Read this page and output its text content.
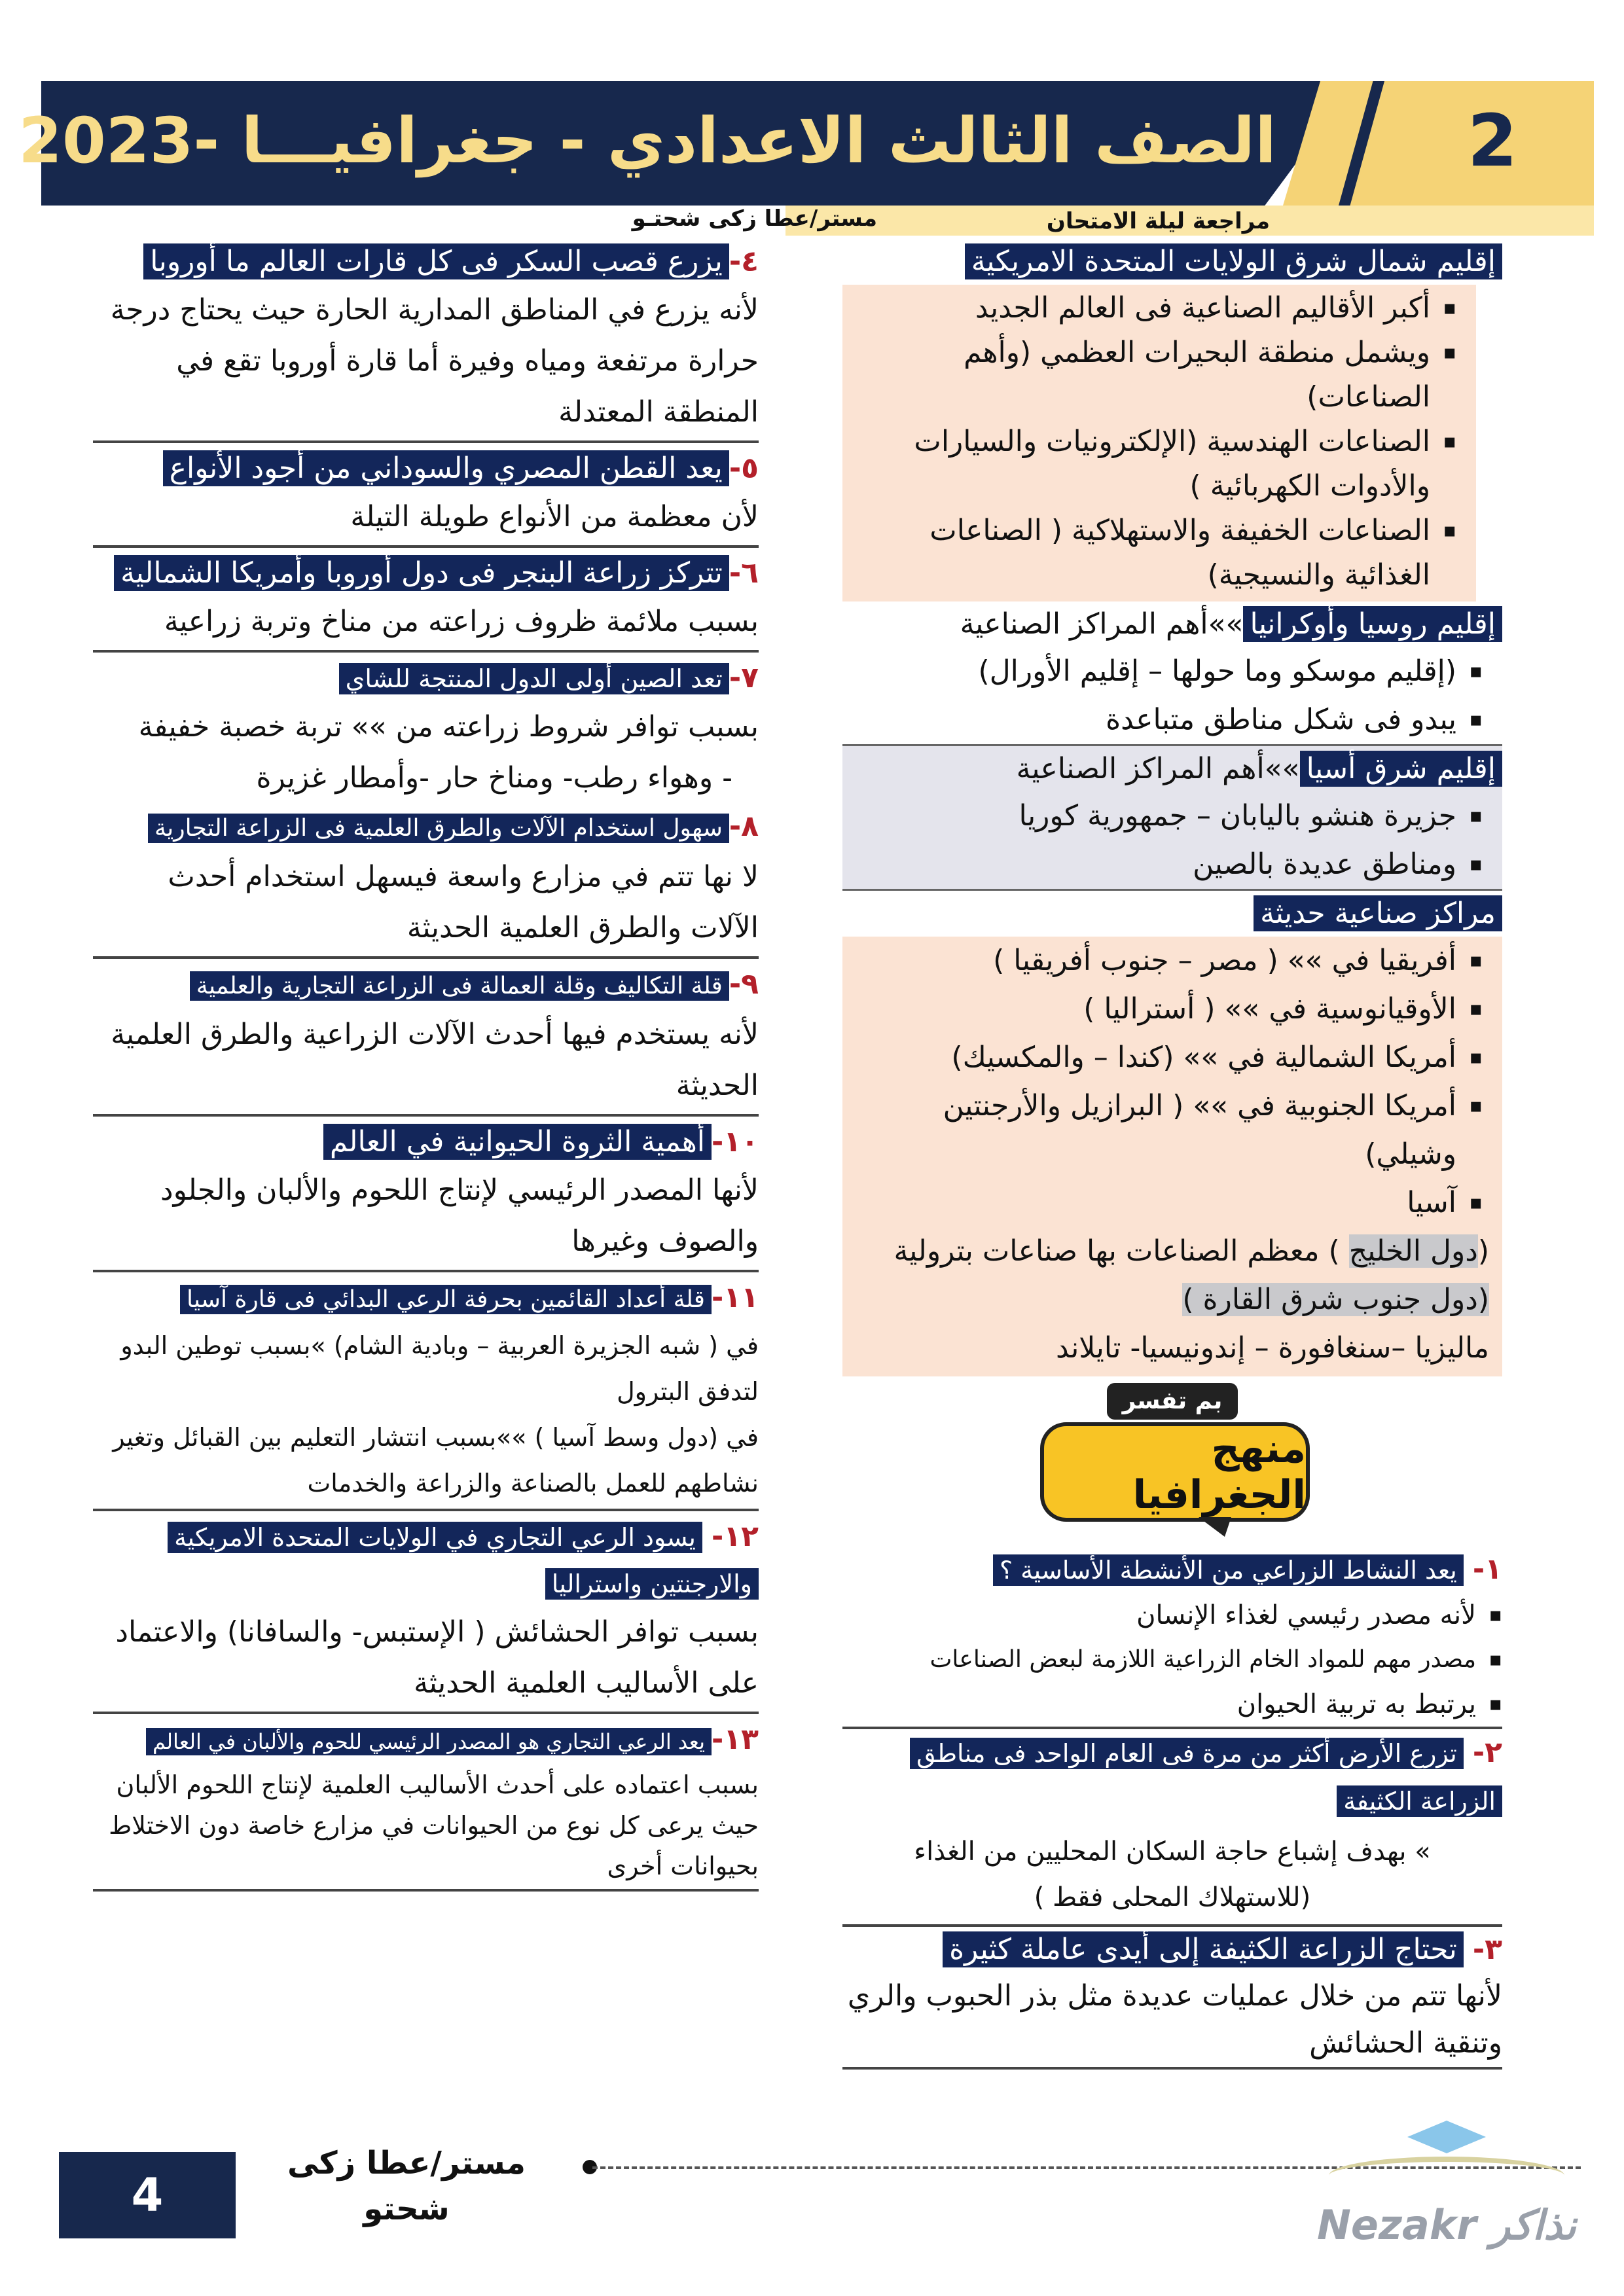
الصف الثالث الاعدادي - جغرافيـــا -2023	2
مراجعة ليلة الامتحان
مستر/عطا زكى شحتـو
إقليم شمال شرق الولايات المتحدة الامريكية
▪ أكبر الأقاليم الصناعية فى العالم الجديد
▪ ويشمل منطقة البحيرات العظمي (وأهم الصناعات)
▪ الصناعات الهندسية (الإلكترونيات والسيارات والأدوات الكهربائية )
▪ الصناعات الخفيفة والاستهلاكية ( الصناعات الغذائية والنسيجية)
إقليم روسيا وأوكرانيا»»أهم المراكز الصناعية
▪ (إقليم موسكو وما حولها – إقليم الأورال)
▪ يبدو فى شكل مناطق متباعدة
إقليم شرق أسيا»»أهم المراكز الصناعية
▪ جزيرة هنشو باليابان – جمهورية كوريا
▪ ومناطق عديدة بالصين
مراكز صناعية حديثة
▪ أفريقيا في »» ( مصر – جنوب أفريقيا )
▪ الأوقيانوسية في »» ( أستراليا )
▪ أمريكا الشمالية في »» (كندا – والمكسيك)
▪ أمريكا الجنوبية في »» ( البرازيل والأرجنتين وشيلي)
▪ آسيا
(دول الخليج ) معظم الصناعات بها صناعات بترولية
(دول جنوب شرق القارة )
ماليزيا –سنغافورة – إندونيسيا- تايلاند
منهج الجغرافيا
بم تفسر
١- يعد النشاط الزراعي من الأنشطة الأساسية ؟
▪ لأنه مصدر رئيسي لغذاء الإنسان
▪ مصدر مهم للمواد الخام الزراعية اللازمة لبعض الصناعات
▪ يرتبط به تربية الحيوان
٢- تزرع الأرض أكثر من مرة فى العام الواحد فى مناطق الزراعة الكثيفة
» بهدف إشباع حاجة السكان المحليين من الغذاء (للاستهلاك المحلى فقط )
٣- تحتاج الزراعة الكثيفة إلى أيدى عاملة كثيرة
لأنها تتم من خلال عمليات عديدة مثل بذر الحبوب والري وتنقية الحشائش
٤-يزرع قصب السكر فى كل قارات العالم ما أوروبا
لأنه يزرع في المناطق المدارية الحارة حيث يحتاج درجة حرارة مرتفعة ومياه وفيرة أما قارة أوروبا تقع في المنطقة المعتدلة
٥-يعد القطن المصري والسوداني من أجود الأنواع
لأن معظمة من الأنواع طويلة التيلة
٦-تتركز زراعة البنجر فى دول أوروبا وأمريكا الشمالية
بسبب ملائمة ظروف زراعته من مناخ وتربة زراعية
٧-تعد الصين أولى الدول المنتجة للشاي
بسبب توافر شروط زراعته من »» تربة خصبة خفيفة
- وهواء رطب- ومناخ حار -وأمطار غزيرة
٨-سهول استخدام الآلات والطرق العلمية فى الزراعة التجارية
لا نها تتم في مزارع واسعة فيسهل استخدام أحدث الآلات والطرق العلمية الحديثة
٩-قلة التكاليف وقلة العمالة فى الزراعة التجارية والعلمية
لأنه يستخدم فيها أحدث الآلات الزراعية والطرق العلمية الحديثة
١٠-أهمية الثروة الحيوانية في العالم
لأنها المصدر الرئيسي لإنتاج اللحوم والألبان والجلود والصوف وغيرها
١١-قلة أعداد القائمين بحرفة الرعي البدائي فى قارة آسيا
في ( شبه الجزيرة العربية – وبادية الشام) »بسبب توطين البدو لتدفق البترول
في (دول وسط آسيا ) »»بسبب انتشار التعليم بين القبائل وتغير نشاطهم للعمل بالصناعة والزراعة والخدمات
١٢- يسود الرعي التجاري في الولايات المتحدة الامريكية والارجنتين واستراليا
بسبب توافر الحشائش ( الإستبس- والسافانا) والاعتماد على الأساليب العلمية الحديثة
١٣-يعد الرعي التجاري هو المصدر الرئيسي للحوم والألبان في العالم
بسبب اعتماده على أحدث الأساليب العلمية لإنتاج اللحوم الألبان حيث يرعى كل نوع من الحيوانات في مزارع خاصة دون الاختلاط بحيوانات أخرى
4
مستر/عطا زكى شحتو	Nezakr نذاكر
